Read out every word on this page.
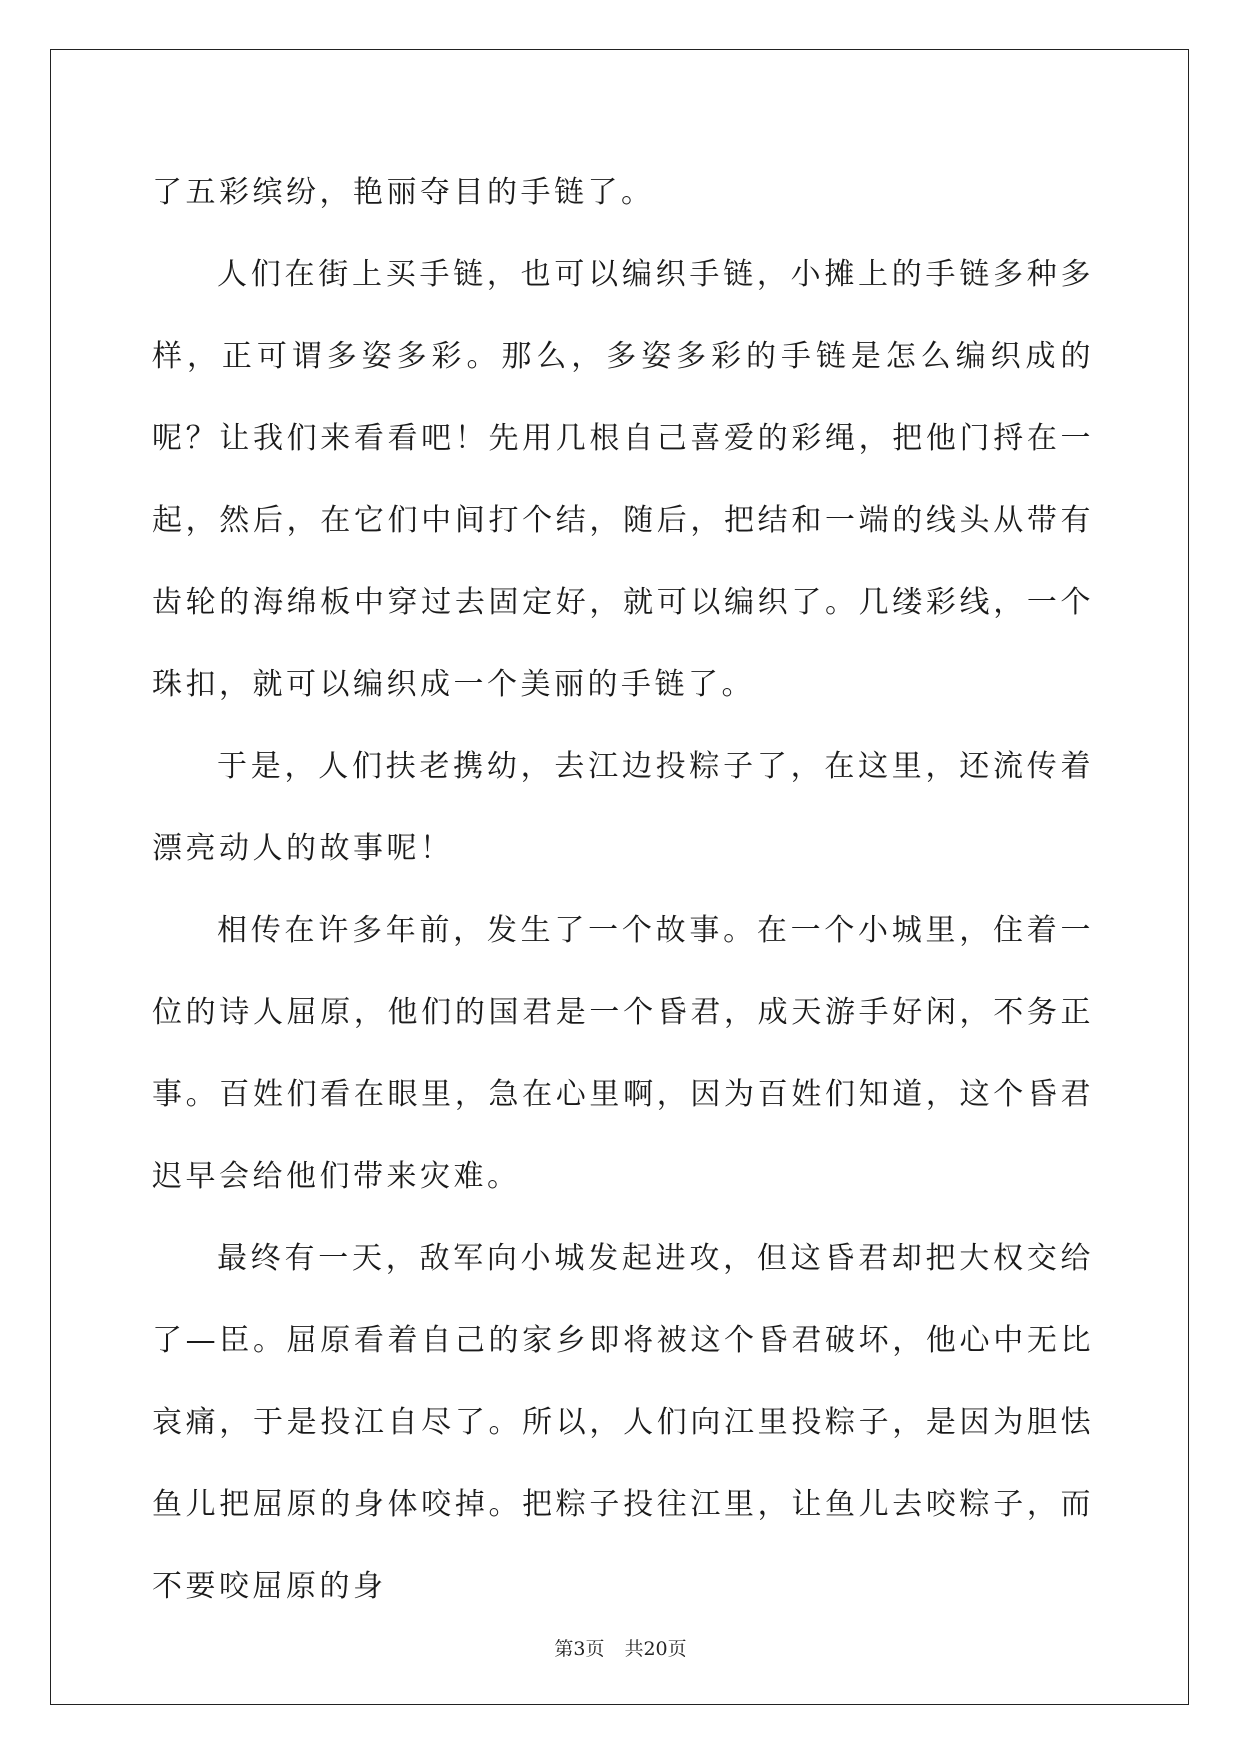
了五彩缤纷，艳丽夺目的手链了。

人们在街上买手链，也可以编织手链，小摊上的手链多种多样，正可谓多姿多彩。那么，多姿多彩的手链是怎么编织成的呢？让我们来看看吧！先用几根自己喜爱的彩绳，把他门捋在一起，然后，在它们中间打个结，随后，把结和一端的线头从带有齿轮的海绵板中穿过去固定好，就可以编织了。几缕彩线，一个珠扣，就可以编织成一个美丽的手链了。

于是，人们扶老携幼，去江边投粽子了，在这里，还流传着漂亮动人的故事呢！

相传在许多年前，发生了一个故事。在一个小城里，住着一位的诗人屈原，他们的国君是一个昏君，成天游手好闲，不务正事。百姓们看在眼里，急在心里啊，因为百姓们知道，这个昏君迟早会给他们带来灾难。

最终有一天，敌军向小城发起进攻，但这昏君却把大权交给了—臣。屈原看着自己的家乡即将被这个昏君破坏，他心中无比哀痛，于是投江自尽了。所以，人们向江里投粽子，是因为胆怯　鱼儿把屈原的身体咬掉。把粽子投往江里，让鱼儿去咬粽子，而不要咬屈原的身

第3页 共20页
